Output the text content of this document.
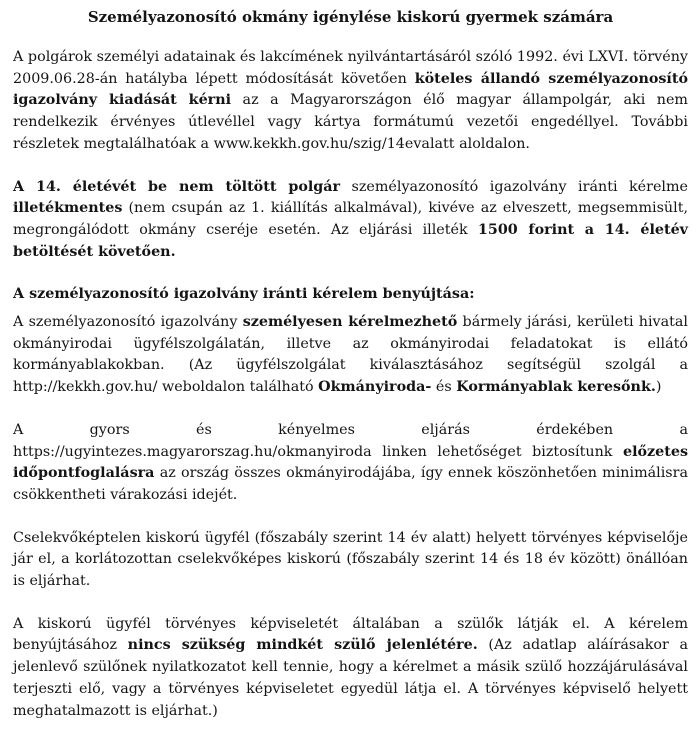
Személyazonosító okmány igénylése kiskorú gyermek számára

A polgárok személyi adatainak és lakcímének nyilvántartásáról szóló 1992. évi LXVI. törvény 2009.06.28-án hatályba lépett módosítását követően köteles állandó személyazonosító igazolvány kiadását kérni az a Magyarországon élő magyar állampolgár, aki nem rendelkezik érvényes útlevéllel vagy kártya formátumú vezetői engedéllyel. További részletek megtalálhatóak a www.kekkh.gov.hu/szig/14evalatt aloldalon.

A 14. életévét be nem töltött polgár személyazonosító igazolvány iránti kérelme illetékmentes (nem csupán az 1. kiállítás alkalmával), kivéve az elveszett, megsemmisült, megrongálódott okmány cseréje esetén. Az eljárási illeték 1500 forint a 14. életév betöltését követően.

A személyazonosító igazolvány iránti kérelem benyújtása:

A személyazonosító igazolvány személyesen kérelmezhető bármely járási, kerületi hivatal okmányirodai ügyfélszolgálatán, illetve az okmányirodai feladatokat is ellátó kormányablakokban. (Az ügyfélszolgálat kiválasztásához segítségül szolgál a http://kekkh.gov.hu/ weboldalon található Okmányiroda- és Kormányablak keresőnk.)

A gyors és kényelmes eljárás érdekében a
https://ugyintezes.magyarorszag.hu/okmanyiroda linken lehetőséget biztosítunk előzetes időpontfoglalásra az ország összes okmányirodájába, így ennek köszönhetően minimálisra csökkentheti várakozási idejét.

Cselekvőképtelen kiskorú ügyfél (főszabály szerint 14 év alatt) helyett törvényes képviselője jár el, a korlátozottan cselekvőképes kiskorú (főszabály szerint 14 és 18 év között) önállóan is eljárhat.

A kiskorú ügyfél törvényes képviseletét általában a szülők látják el. A kérelem benyújtásához nincs szükség mindkét szülő jelenlétére. (Az adatlap aláírásakor a jelenlevő szülőnek nyilatkozatot kell tennie, hogy a kérelmet a másik szülő hozzájárulásával terjeszti elő, vagy a törvényes képviseletet egyedül látja el. A törvényes képviselő helyett meghatalmazott is eljárhat.)
